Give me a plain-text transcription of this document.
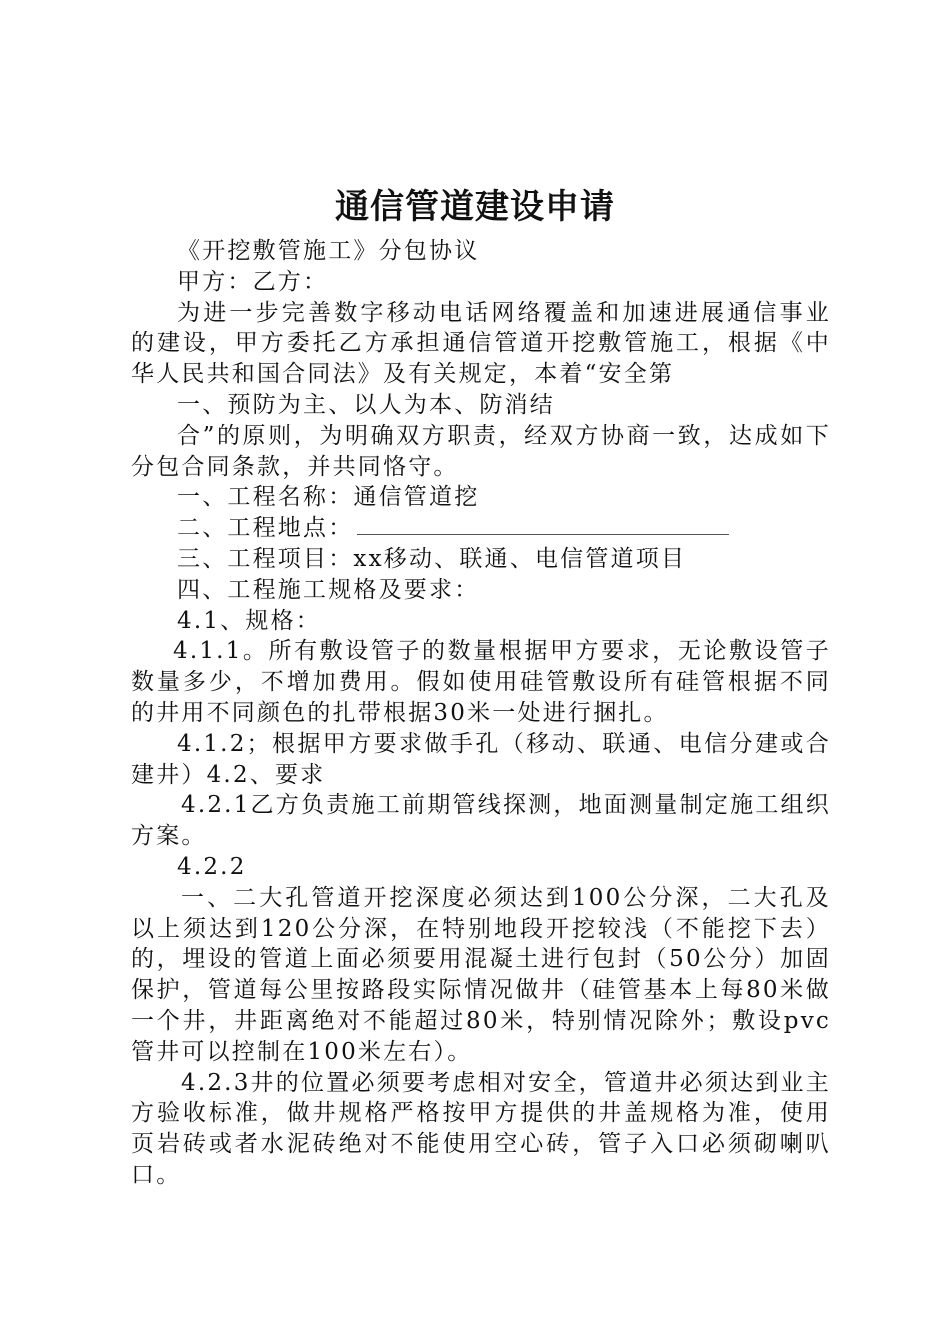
通信管道建设申请

《开挖敷管施工》分包协议

甲方：乙方：

为进一步完善数字移动电话网络覆盖和加速进展通信事业的建设，甲方委托乙方承担通信管道开挖敷管施工，根据《中华人民共和国合同法》及有关规定，本着“安全第

一、预防为主、以人为本、防消结

合”的原则，为明确双方职责，经双方协商一致，达成如下分包合同条款，并共同恪守。

一、工程名称：通信管道挖

二、工程地点：

三、工程项目：xx移动、联通、电信管道项目

四、工程施工规格及要求：

4.1、规格：

4.1.1。所有敷设管子的数量根据甲方要求，无论敷设管子数量多少，不增加费用。假如使用硅管敷设所有硅管根据不同的井用不同颜色的扎带根据30米一处进行捆扎。

4.1.2；根据甲方要求做手孔（移动、联通、电信分建或合建井）4.2、要求

4.2.1乙方负责施工前期管线探测，地面测量制定施工组织方案。

4.2.2

一、二大孔管道开挖深度必须达到100公分深，二大孔及以上须达到120公分深，在特别地段开挖较浅（不能挖下去）的，埋设的管道上面必须要用混凝土进行包封（50公分）加固保护，管道每公里按路段实际情况做井（硅管基本上每80米做一个井，井距离绝对不能超过80米，特别情况除外；敷设pvc管井可以控制在100米左右）。

4.2.3井的位置必须要考虑相对安全，管道井必须达到业主方验收标准，做井规格严格按甲方提供的井盖规格为准，使用页岩砖或者水泥砖绝对不能使用空心砖，管子入口必须砌喇叭口。
